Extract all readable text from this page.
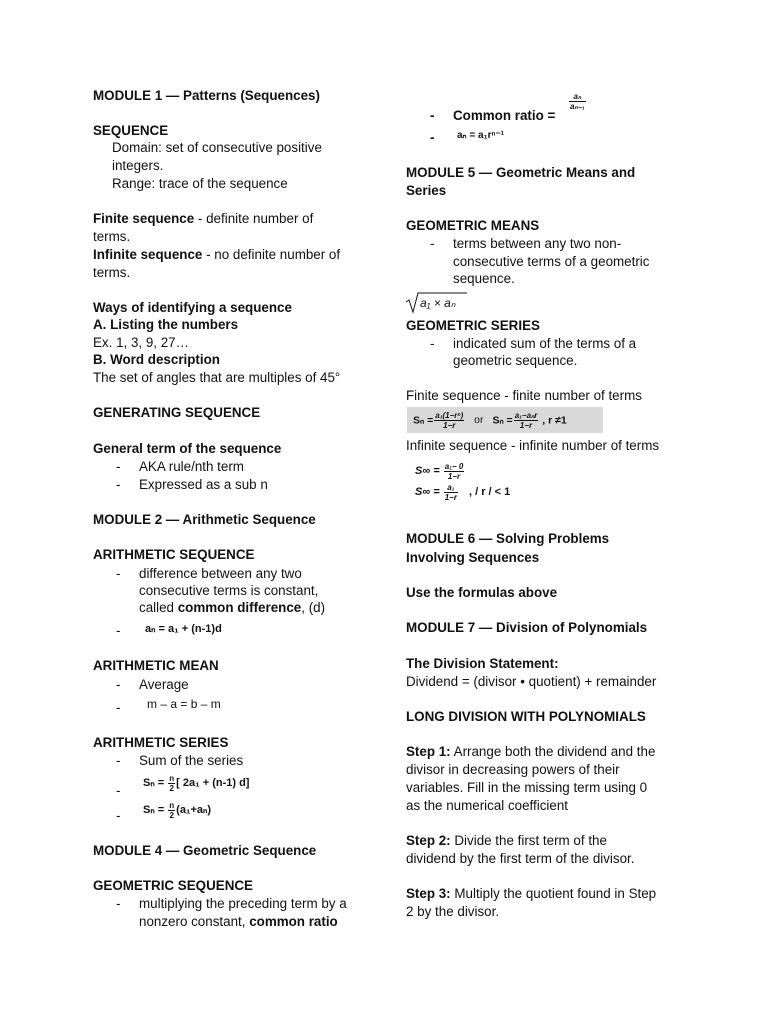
MODULE 1 — Patterns (Sequences)
SEQUENCE
Domain: set of consecutive positive
integers.
Range: trace of the sequence
Finite sequence - definite number of
terms.
Infinite sequence - no definite number of
terms.
Ways of identifying a sequence
A. Listing the numbers
Ex. 1, 3, 9, 27…
B. Word description
The set of angles that are multiples of 45°
GENERATING SEQUENCE
General term of the sequence
- AKA rule/nth term
- Expressed as a sub n
MODULE 2 — Arithmetic Sequence
ARITHMETIC SEQUENCE
- difference between any two
consecutive terms is constant,
called common difference, (d)
- aₙ = a₁ + (n-1)d
ARITHMETIC MEAN
- Average
- m – a = b – m
ARITHMETIC SERIES
- Sum of the series
- $S_n = \frac{n}{2}$ [ 2a₁ + (n-1) d]
- $S_n = \frac{n}{2} (a_1+a_n)$
MODULE 4 — Geometric Sequence
GEOMETRIC SEQUENCE
- multiplying the preceding term by a
nonzero constant, common ratio
- Common ratio =
$\frac{\text{aₙ}}{\text{aₙ₋₁}}$
- aₙ = a₁rⁿ⁻¹
MODULE 5 — Geometric Means and
Series
GEOMETRIC MEANS
- terms between any two non-
consecutive terms of a geometric
sequence.
a₁ × aₙ
GEOMETRIC SERIES
- indicated sum of the terms of a
geometric sequence.
Finite sequence - finite number of terms
$S_n = \frac{\text{a₁(1−rⁿ)}}{1-r}$ or $S_n = \frac{\text{a₁−aₙr}}{1-r}$ , r ≠1
Infinite sequence - infinite number of terms
$S\infty = \frac{\text{a₁− 0}}{1-r}$
$S\infty = \frac{\text{a₁}}{1-r}$ , / r / < 1
MODULE 6 — Solving Problems
Involving Sequences
Use the formulas above
MODULE 7 — Division of Polynomials
The Division Statement:
Dividend = (divisor • quotient) + remainder
LONG DIVISION WITH POLYNOMIALS
Step 1: Arrange both the dividend and the
divisor in decreasing powers of their
variables. Fill in the missing term using 0
as the numerical coefficient
Step 2: Divide the first term of the
dividend by the first term of the divisor.
Step 3: Multiply the quotient found in Step
2 by the divisor.
